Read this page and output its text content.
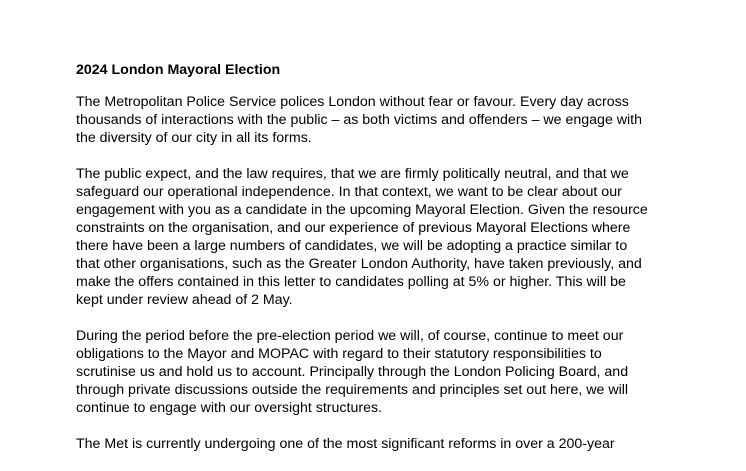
2024 London Mayoral Election
The Metropolitan Police Service polices London without fear or favour. Every day across
thousands of interactions with the public – as both victims and offenders – we engage with
the diversity of our city in all its forms.
The public expect, and the law requires, that we are firmly politically neutral, and that we
safeguard our operational independence. In that context, we want to be clear about our
engagement with you as a candidate in the upcoming Mayoral Election. Given the resource
constraints on the organisation, and our experience of previous Mayoral Elections where
there have been a large numbers of candidates, we will be adopting a practice similar to
that other organisations, such as the Greater London Authority, have taken previously, and
make the offers contained in this letter to candidates polling at 5% or higher. This will be
kept under review ahead of 2 May.
During the period before the pre-election period we will, of course, continue to meet our
obligations to the Mayor and MOPAC with regard to their statutory responsibilities to
scrutinise us and hold us to account. Principally through the London Policing Board, and
through private discussions outside the requirements and principles set out here, we will
continue to engage with our oversight structures.
The Met is currently undergoing one of the most significant reforms in over a 200-year
